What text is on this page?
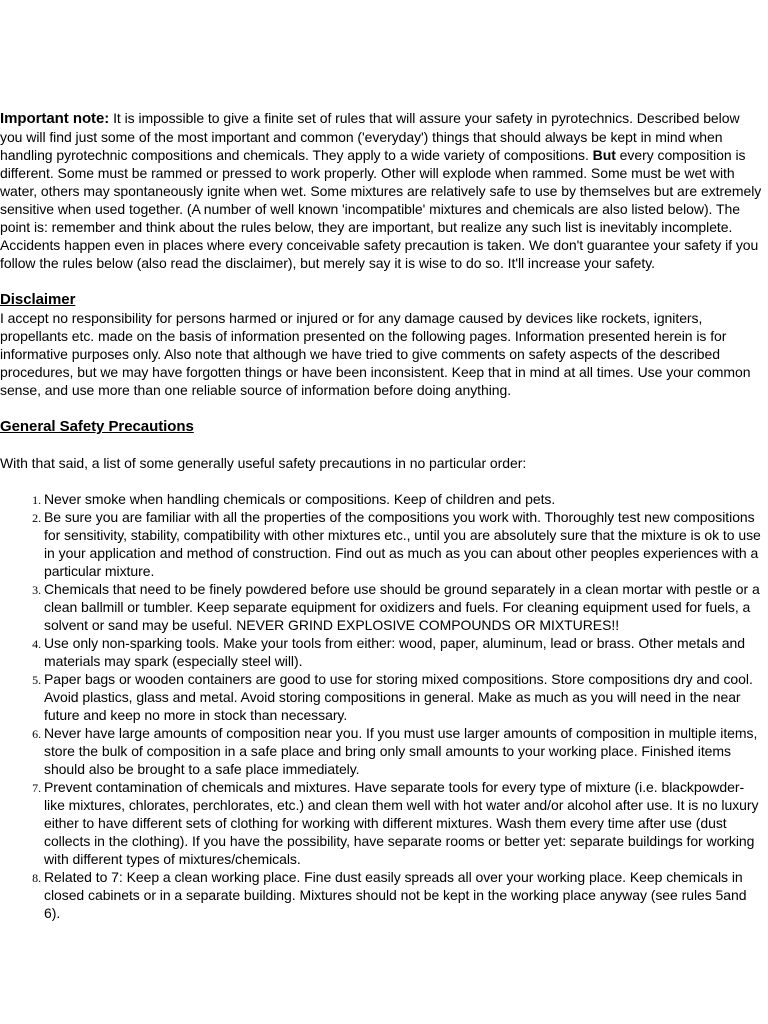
Important note: It is impossible to give a finite set of rules that will assure your safety in pyrotechnics. Described below you will find just some of the most important and common ('everyday') things that should always be kept in mind when handling pyrotechnic compositions and chemicals. They apply to a wide variety of compositions. But every composition is different. Some must be rammed or pressed to work properly. Other will explode when rammed. Some must be wet with water, others may spontaneously ignite when wet. Some mixtures are relatively safe to use by themselves but are extremely sensitive when used together. (A number of well known 'incompatible' mixtures and chemicals are also listed below). The point is: remember and think about the rules below, they are important, but realize any such list is inevitably incomplete. Accidents happen even in places where every conceivable safety precaution is taken. We don't guarantee your safety if you follow the rules below (also read the disclaimer), but merely say it is wise to do so. It'll increase your safety.

Disclaimer

I accept no responsibility for persons harmed or injured or for any damage caused by devices like rockets, igniters, propellants etc. made on the basis of information presented on the following pages. Information presented herein is for informative purposes only. Also note that although we have tried to give comments on safety aspects of the described procedures, but we may have forgotten things or have been inconsistent. Keep that in mind at all times. Use your common sense, and use more than one reliable source of information before doing anything.

General Safety Precautions

With that said, a list of some generally useful safety precautions in no particular order:

1. Never smoke when handling chemicals or compositions. Keep of children and pets.
2. Be sure you are familiar with all the properties of the compositions you work with. Thoroughly test new compositions for sensitivity, stability, compatibility with other mixtures etc., until you are absolutely sure that the mixture is ok to use in your application and method of construction. Find out as much as you can about other peoples experiences with a particular mixture.
3. Chemicals that need to be finely powdered before use should be ground separately in a clean mortar with pestle or a clean ballmill or tumbler. Keep separate equipment for oxidizers and fuels. For cleaning equipment used for fuels, a solvent or sand may be useful. NEVER GRIND EXPLOSIVE COMPOUNDS OR MIXTURES!!
4. Use only non-sparking tools. Make your tools from either: wood, paper, aluminum, lead or brass. Other metals and materials may spark (especially steel will).
5. Paper bags or wooden containers are good to use for storing mixed compositions. Store compositions dry and cool. Avoid plastics, glass and metal. Avoid storing compositions in general. Make as much as you will need in the near future and keep no more in stock than necessary.
6. Never have large amounts of composition near you. If you must use larger amounts of composition in multiple items, store the bulk of composition in a safe place and bring only small amounts to your working place. Finished items should also be brought to a safe place immediately.
7. Prevent contamination of chemicals and mixtures. Have separate tools for every type of mixture (i.e. blackpowder-like mixtures, chlorates, perchlorates, etc.) and clean them well with hot water and/or alcohol after use. It is no luxury either to have different sets of clothing for working with different mixtures. Wash them every time after use (dust collects in the clothing). If you have the possibility, have separate rooms or better yet: separate buildings for working with different types of mixtures/chemicals.
8. Related to 7: Keep a clean working place. Fine dust easily spreads all over your working place. Keep chemicals in closed cabinets or in a separate building. Mixtures should not be kept in the working place anyway (see rules 5and 6).
